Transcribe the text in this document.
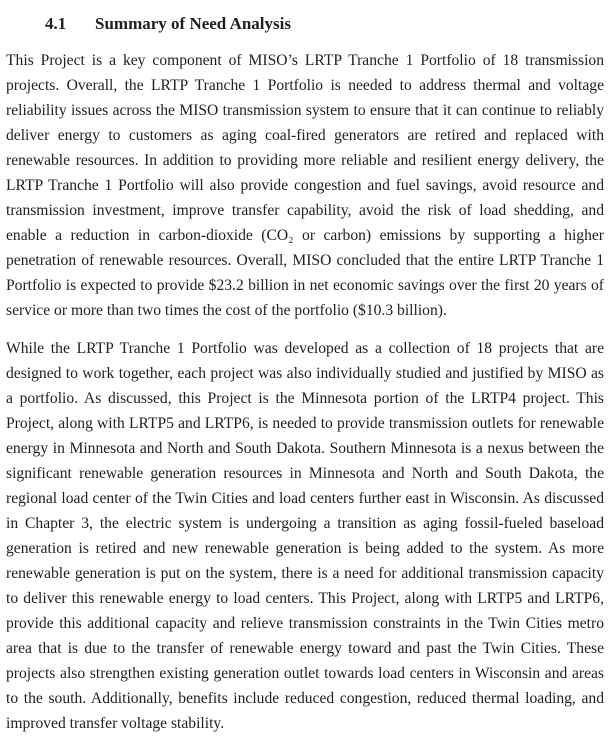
4.1 Summary of Need Analysis

This Project is a key component of MISO’s LRTP Tranche 1 Portfolio of 18 transmission projects. Overall, the LRTP Tranche 1 Portfolio is needed to address thermal and voltage reliability issues across the MISO transmission system to ensure that it can continue to reliably deliver energy to customers as aging coal-fired generators are retired and replaced with renewable resources. In addition to providing more reliable and resilient energy delivery, the LRTP Tranche 1 Portfolio will also provide congestion and fuel savings, avoid resource and transmission investment, improve transfer capability, avoid the risk of load shedding, and enable a reduction in carbon-dioxide (CO₂ or carbon) emissions by supporting a higher penetration of renewable resources. Overall, MISO concluded that the entire LRTP Tranche 1 Portfolio is expected to provide $23.2 billion in net economic savings over the first 20 years of service or more than two times the cost of the portfolio ($10.3 billion).

While the LRTP Tranche 1 Portfolio was developed as a collection of 18 projects that are designed to work together, each project was also individually studied and justified by MISO as a portfolio. As discussed, this Project is the Minnesota portion of the LRTP4 project. This Project, along with LRTP5 and LRTP6, is needed to provide transmission outlets for renewable energy in Minnesota and North and South Dakota. Southern Minnesota is a nexus between the significant renewable generation resources in Minnesota and North and South Dakota, the regional load center of the Twin Cities and load centers further east in Wisconsin. As discussed in Chapter 3, the electric system is undergoing a transition as aging fossil-fueled baseload generation is retired and new renewable generation is being added to the system. As more renewable generation is put on the system, there is a need for additional transmission capacity to deliver this renewable energy to load centers. This Project, along with LRTP5 and LRTP6, provide this additional capacity and relieve transmission constraints in the Twin Cities metro area that is due to the transfer of renewable energy toward and past the Twin Cities. These projects also strengthen existing generation outlet towards load centers in Wisconsin and areas to the south. Additionally, benefits include reduced congestion, reduced thermal loading, and improved transfer voltage stability.
